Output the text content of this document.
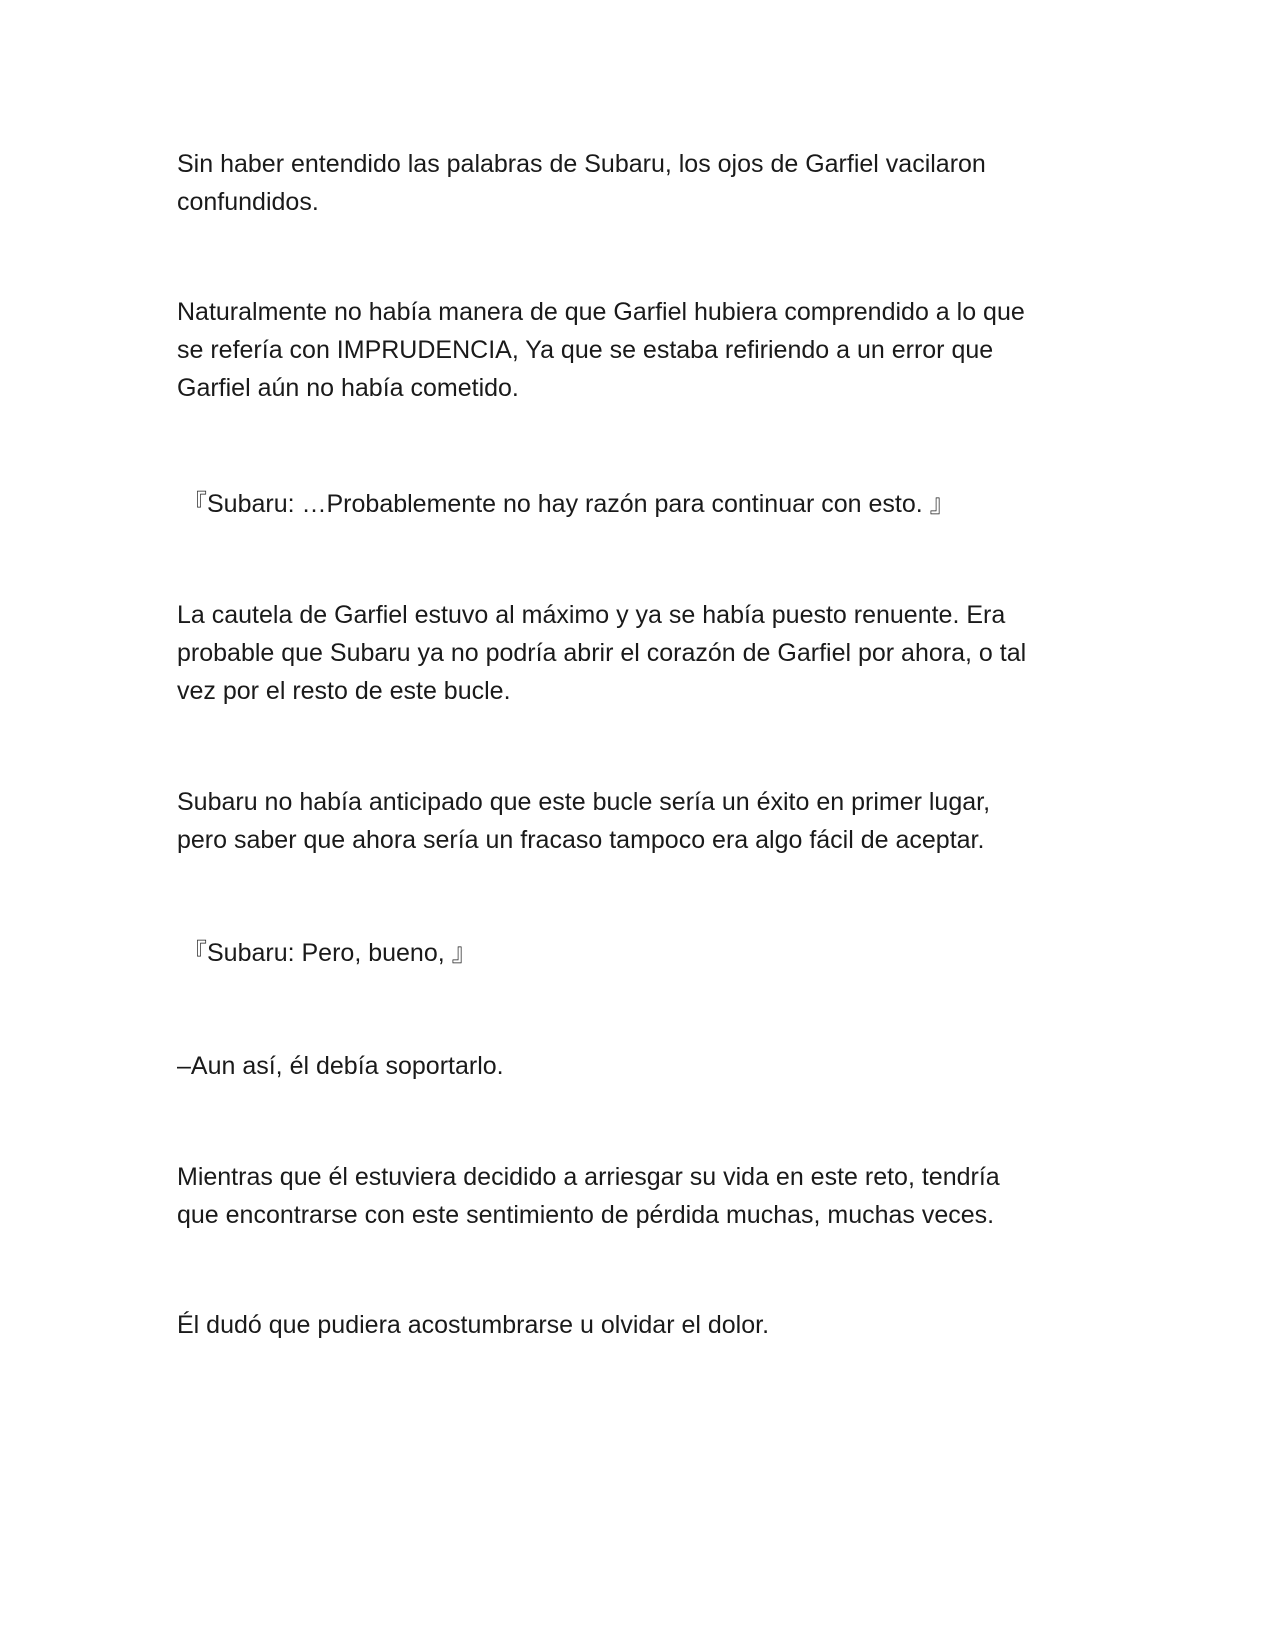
Sin haber entendido las palabras de Subaru, los ojos de Garfiel vacilaron
confundidos.

Naturalmente no había manera de que Garfiel hubiera comprendido a lo que
se refería con IMPRUDENCIA, Ya que se estaba refiriendo a un error que
Garfiel aún no había cometido.

『Subaru: …Probablemente no hay razón para continuar con esto. 』

La cautela de Garfiel estuvo al máximo y ya se había puesto renuente. Era
probable que Subaru ya no podría abrir el corazón de Garfiel por ahora, o tal
vez por el resto de este bucle.

Subaru no había anticipado que este bucle sería un éxito en primer lugar,
pero saber que ahora sería un fracaso tampoco era algo fácil de aceptar.

『Subaru: Pero, bueno, 』

–Aun así, él debía soportarlo.

Mientras que él estuviera decidido a arriesgar su vida en este reto, tendría
que encontrarse con este sentimiento de pérdida muchas, muchas veces.

Él dudó que pudiera acostumbrarse u olvidar el dolor.
